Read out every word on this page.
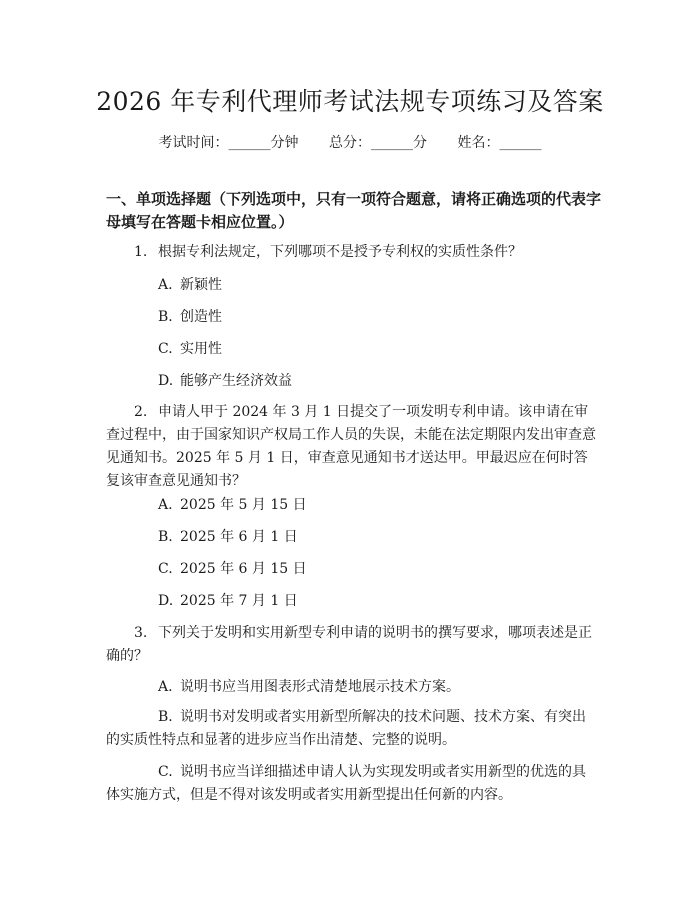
2026 年专利代理师考试法规专项练习及答案
考试时间：______分钟 总分：______分 姓名：______

一、单项选择题（下列选项中，只有一项符合题意，请将正确选项的代表字母填写在答题卡相应位置。）

1. 根据专利法规定，下列哪项不是授予专利权的实质性条件？

A. 新颖性

B. 创造性

C. 实用性

D. 能够产生经济效益

2. 申请人甲于 2024 年 3 月 1 日提交了一项发明专利申请。该申请在审查过程中，由于国家知识产权局工作人员的失误，未能在法定期限内发出审查意见通知书。2025 年 5 月 1 日，审查意见通知书才送达甲。甲最迟应在何时答复该审查意见通知书？

A. 2025 年 5 月 15 日

B. 2025 年 6 月 1 日

C. 2025 年 6 月 15 日

D. 2025 年 7 月 1 日

3. 下列关于发明和实用新型专利申请的说明书的撰写要求，哪项表述是正确的？

A. 说明书应当用图表形式清楚地展示技术方案。

B. 说明书对发明或者实用新型所解决的技术问题、技术方案、有突出的实质性特点和显著的进步应当作出清楚、完整的说明。

C. 说明书应当详细描述申请人认为实现发明或者实用新型的优选的具体实施方式，但是不得对该发明或者实用新型提出任何新的内容。
